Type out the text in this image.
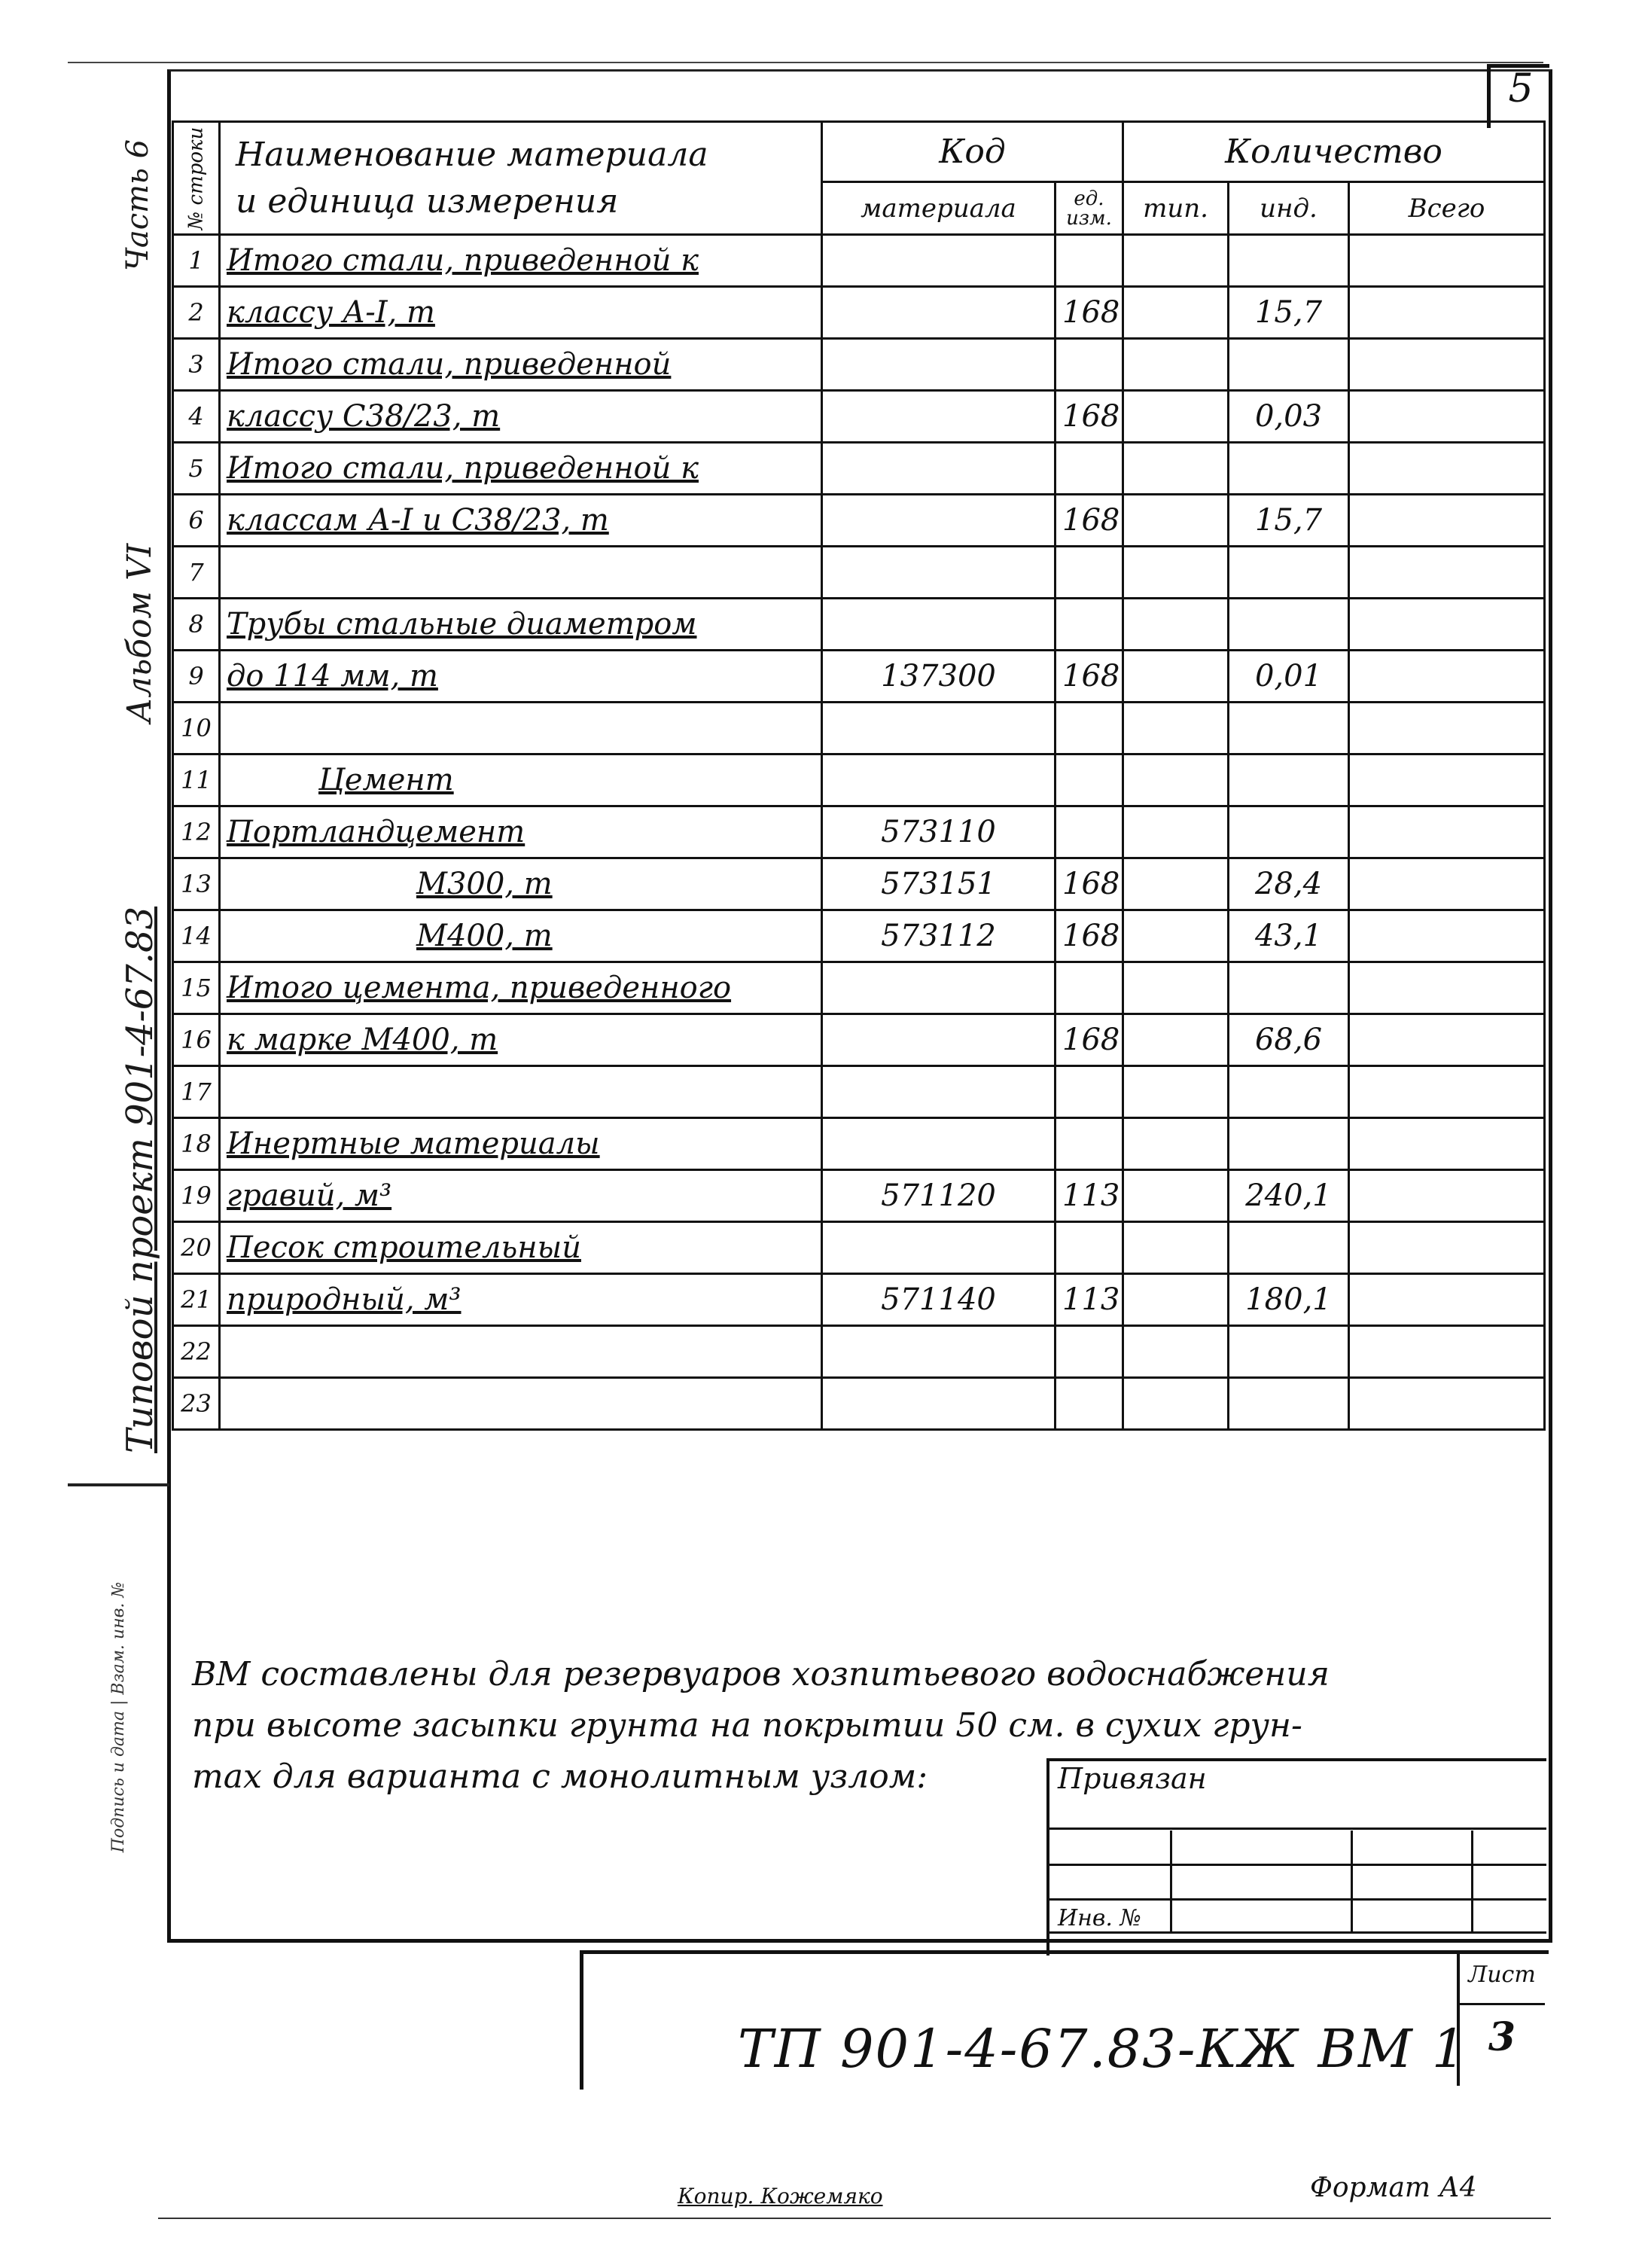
5
Часть 6
Альбом VI
Типовой проект 901-4-67.83
Подпись и дата | Взам. инв. №
№ строки	Наименование материала
и единица измерения	Код		Количество		
		материала	ед. изм.	тип.	инд.	Всего
1	Итого стали, приведенной к					
2	классу А-I, т		168		15,7	
3	Итого стали, приведенной					
4	классу С38/23, т		168		0,03	
5	Итого стали, приведенной к					
6	классам А-I и С38/23, т		168		15,7	
7						
8	Трубы стальные диаметром					
9	до 114 мм, т	137300	168		0,01	
10						
11	Цемент					
12	Портландцемент	573110				
13	М300, т	573151	168		28,4	
14	М400, т	573112	168		43,1	
15	Итого цемента, приведенного					
16	к марке М400, т		168		68,6	
17						
18	Инертные материалы					
19	гравий, м³	571120	113		240,1	
20	Песок строительный					
21	природный, м³	571140	113		180,1	
22						
23						
ВМ составлены для резервуаров хозпитьевого водоснабжения
при высоте засыпки грунта на покрытии 50 см. в сухих грун-
тах для варианта с монолитным узлом:	Привязан
Инв. №
Лист
3
ТП 901-4-67.83-КЖ ВМ 1
Копир. Кожемяко	Формат А4
